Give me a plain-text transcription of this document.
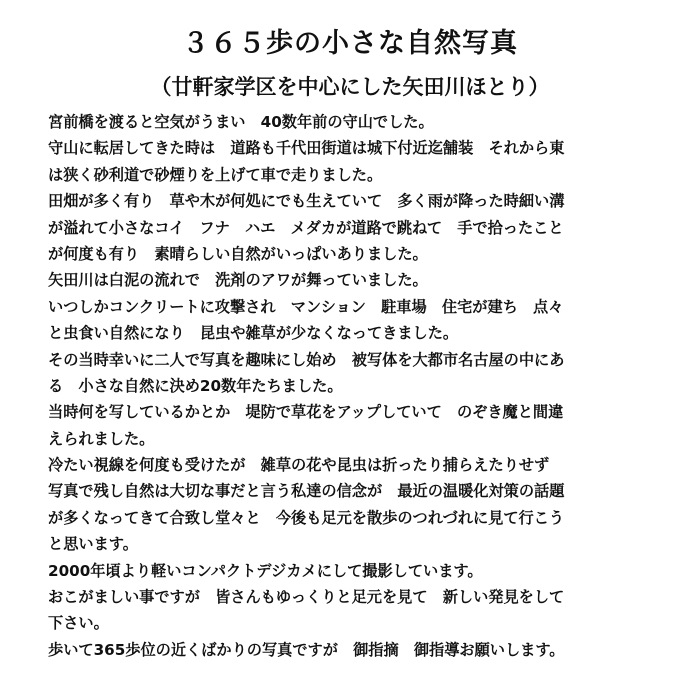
３６５歩の小さな自然写真
（廿軒家学区を中心にした矢田川ほとり）
宮前橋を渡ると空気がうまい　40数年前の守山でした。
守山に転居してきた時は　道路も千代田街道は城下付近迄舗装　それから東
は狭く砂利道で砂煙りを上げて車で走りました。
田畑が多く有り　草や木が何処にでも生えていて　多く雨が降った時細い溝
が溢れて小さなコイ　フナ　ハエ　メダカが道路で跳ねて　手で拾ったこと
が何度も有り　素晴らしい自然がいっぱいありました。
矢田川は白泥の流れで　洗剤のアワが舞っていました。
いつしかコンクリートに攻撃され　マンション　駐車場　住宅が建ち　点々
と虫食い自然になり　昆虫や雑草が少なくなってきました。
その当時幸いに二人で写真を趣味にし始め　被写体を大都市名古屋の中にあ
る　小さな自然に決め20数年たちました。
当時何を写しているかとか　堤防で草花をアップしていて　のぞき魔と間違
えられました。
冷たい視線を何度も受けたが　雑草の花や昆虫は折ったり捕らえたりせず
写真で残し自然は大切な事だと言う私達の信念が　最近の温暖化対策の話題
が多くなってきて合致し堂々と　今後も足元を散歩のつれづれに見て行こう
と思います。
2000年頃より軽いコンパクトデジカメにして撮影しています。
おこがましい事ですが　皆さんもゆっくりと足元を見て　新しい発見をして
下さい。
歩いて365歩位の近くばかりの写真ですが　御指摘　御指導お願いします。
